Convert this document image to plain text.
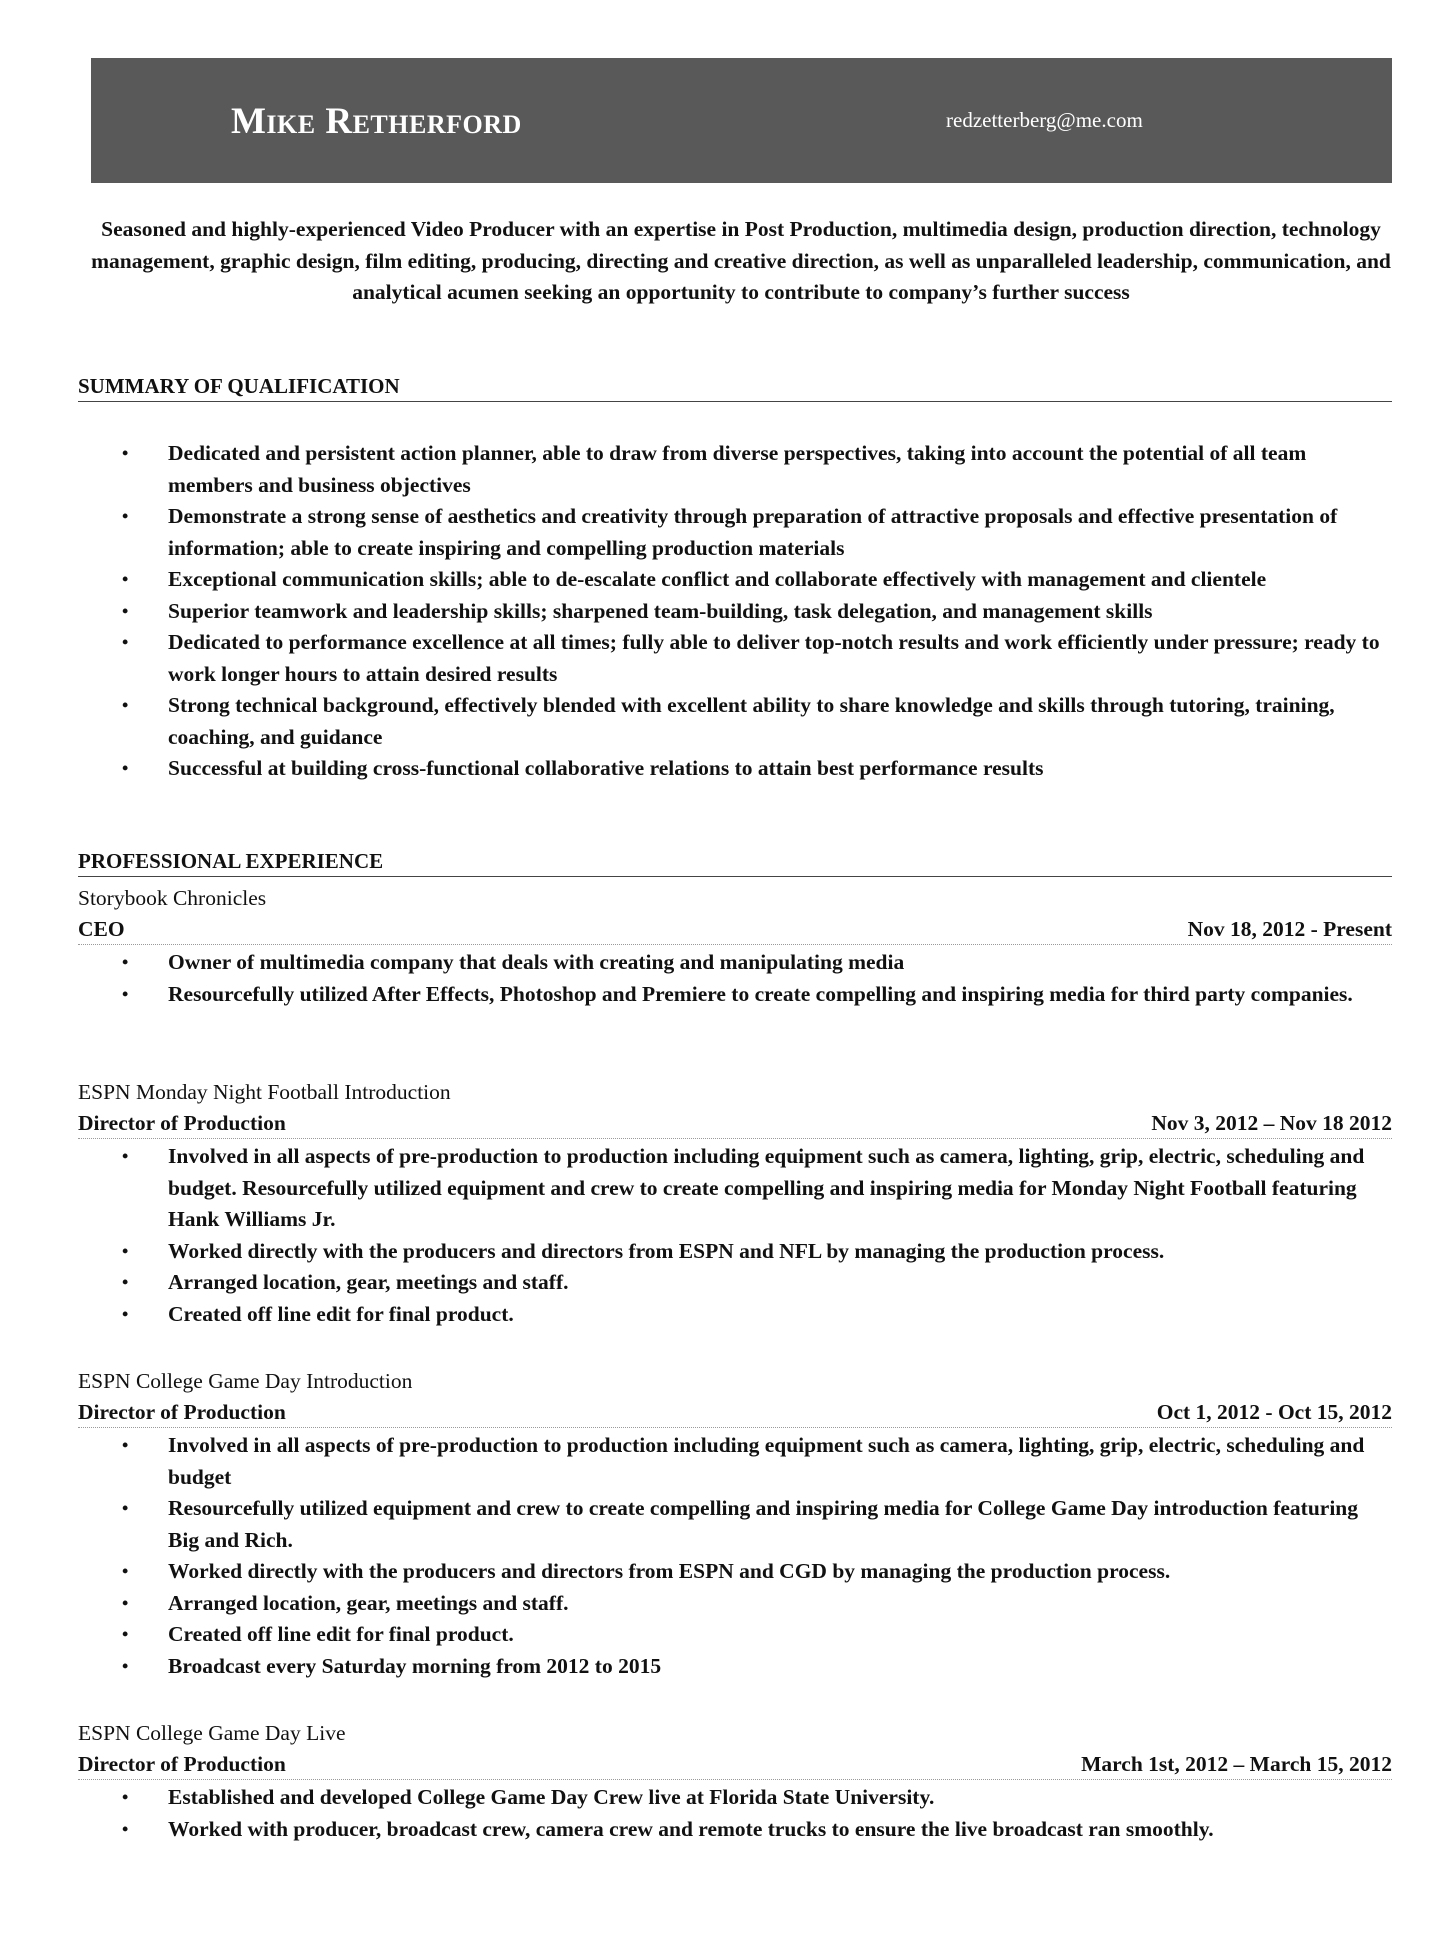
Mike Retherford	redzetterberg@me.com
Seasoned and highly-experienced Video Producer with an expertise in Post Production, multimedia design, production direction, technology management, graphic design, film editing, producing, directing and creative direction, as well as unparalleled leadership, communication, and analytical acumen seeking an opportunity to contribute to company’s further success
SUMMARY OF QUALIFICATION
• Dedicated and persistent action planner, able to draw from diverse perspectives, taking into account the potential of all team members and business objectives
• Demonstrate a strong sense of aesthetics and creativity through preparation of attractive proposals and effective presentation of information; able to create inspiring and compelling production materials
• Exceptional communication skills; able to de-escalate conflict and collaborate effectively with management and clientele
• Superior teamwork and leadership skills; sharpened team-building, task delegation, and management skills
• Dedicated to performance excellence at all times; fully able to deliver top-notch results and work efficiently under pressure; ready to work longer hours to attain desired results
• Strong technical background, effectively blended with excellent ability to share knowledge and skills through tutoring, training, coaching, and guidance
• Successful at building cross-functional collaborative relations to attain best performance results
PROFESSIONAL EXPERIENCE
Storybook Chronicles
CEO	Nov 18, 2012 - Present
• Owner of multimedia company that deals with creating and manipulating media
• Resourcefully utilized After Effects, Photoshop and Premiere to create compelling and inspiring media for third party companies.
ESPN Monday Night Football Introduction
Director of Production	Nov 3, 2012 – Nov 18 2012
• Involved in all aspects of pre-production to production including equipment such as camera, lighting, grip, electric, scheduling and budget. Resourcefully utilized equipment and crew to create compelling and inspiring media for Monday Night Football featuring Hank Williams Jr.
• Worked directly with the producers and directors from ESPN and NFL by managing the production process.
• Arranged location, gear, meetings and staff.
• Created off line edit for final product.
ESPN College Game Day Introduction
Director of Production	Oct 1, 2012 - Oct 15, 2012
• Involved in all aspects of pre-production to production including equipment such as camera, lighting, grip, electric, scheduling and budget
• Resourcefully utilized equipment and crew to create compelling and inspiring media for College Game Day introduction featuring Big and Rich.
• Worked directly with the producers and directors from ESPN and CGD by managing the production process.
• Arranged location, gear, meetings and staff.
• Created off line edit for final product.
• Broadcast every Saturday morning from 2012 to 2015
ESPN College Game Day Live
Director of Production	March 1st, 2012 – March 15, 2012
• Established and developed College Game Day Crew live at Florida State University.
• Worked with producer, broadcast crew, camera crew and remote trucks to ensure the live broadcast ran smoothly.
